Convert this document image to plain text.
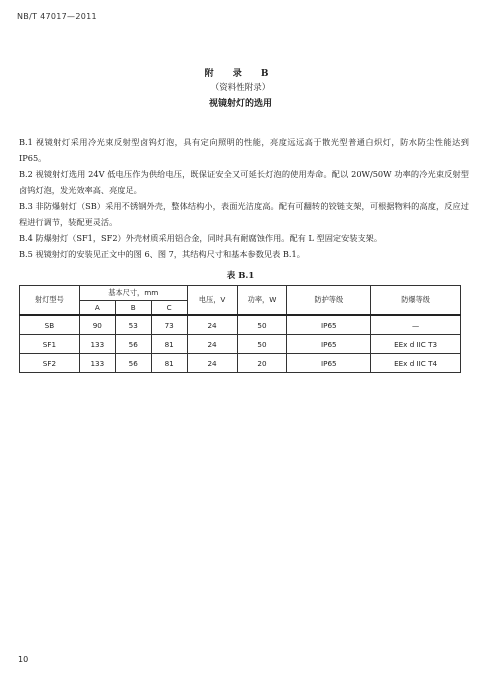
NB/T 47017—2011
附 录 B
（资料性附录）
视镜射灯的选用
B.1 视镜射灯采用冷光束反射型卤钨灯泡，具有定向照明的性能，亮度远远高于散光型普通白炽灯，防水防尘性能达到 IP65。
B.2 视镜射灯选用 24V 低电压作为供给电压，既保证安全又可延长灯泡的使用寿命。配以 20W/50W 功率的冷光束反射型卤钨灯泡，发光效率高、亮度足。
B.3 非防爆射灯（SB）采用不锈钢外壳，整体结构小，表面光洁度高。配有可翻转的铰链支架，可根据物料的高度，反应过程进行调节，装配更灵活。
B.4 防爆射灯（SF1，SF2）外壳材质采用铝合金，同时具有耐腐蚀作用。配有 L 型固定安装支架。
B.5 视镜射灯的安装见正文中的图 6、图 7，其结构尺寸和基本参数见表 B.1。
表 B.1
射灯型号	基本尺寸，mm			电压，V	功率，W	防护等级	防爆等级
	A	B	C				
SB	90	53	73	24	50	IP65	—
SF1	133	56	81	24	50	IP65	EEx d IIC T3
SF2	133	56	81	24	20	IP65	EEx d IIC T4
10
